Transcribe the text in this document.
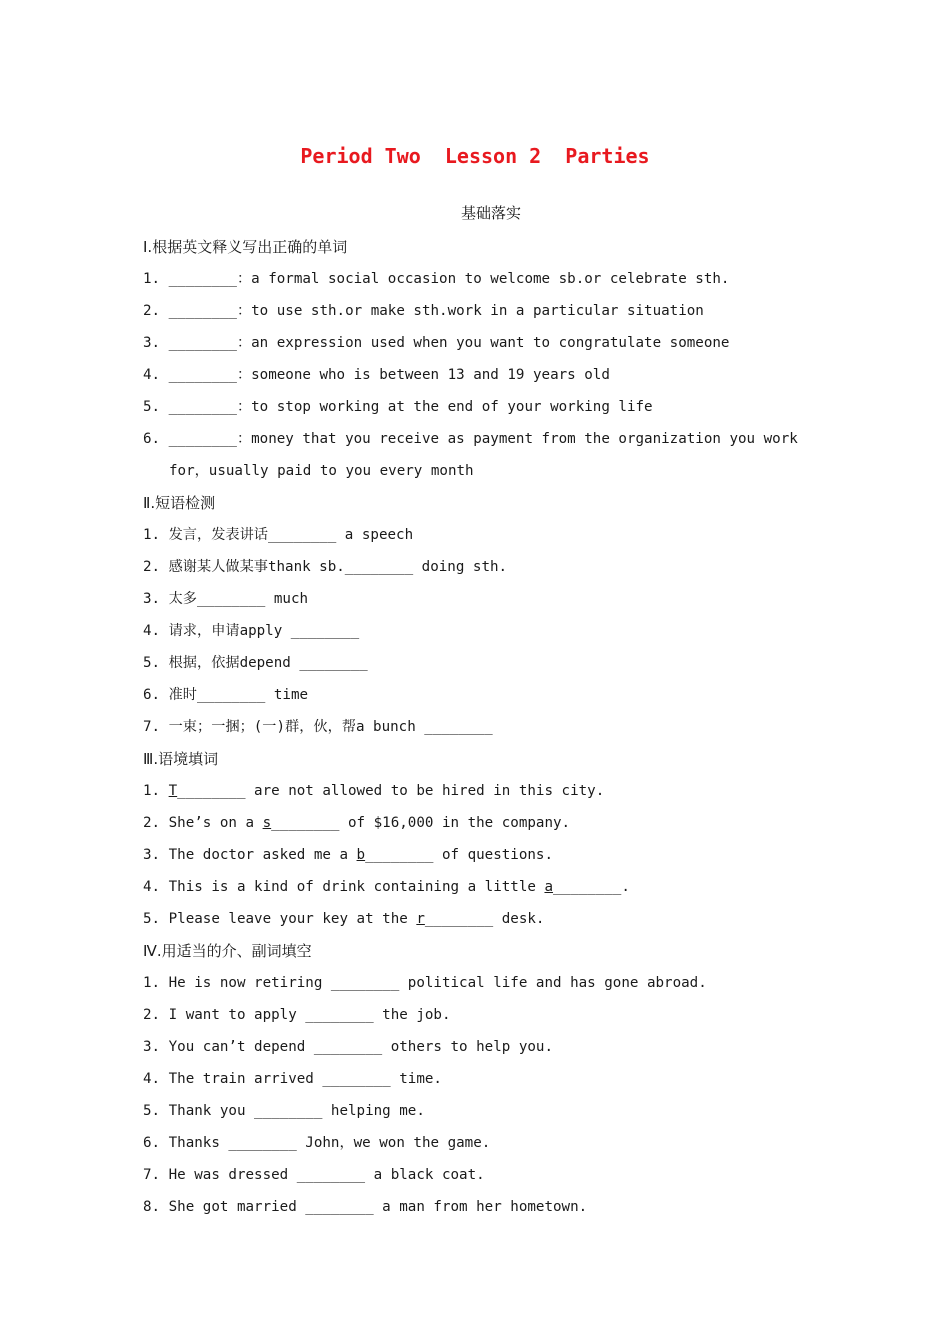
Period Two  Lesson 2  Parties
基础落实
Ⅰ.根据英文释义写出正确的单词
1. ________：a formal social occasion to welcome sb.or celebrate sth.
2. ________：to use sth.or make sth.work in a particular situation
3. ________：an expression used when you want to congratulate someone
4. ________：someone who is between 13 and 19 years old
5. ________：to stop working at the end of your working life
6. ________：money that you receive as payment from the organization you work
for，usually paid to you every month
Ⅱ.短语检测
1. 发言，发表讲话________ a speech
2. 感谢某人做某事thank sb.________ doing sth.
3. 太多________ much
4. 请求，申请apply ________
5. 根据，依据depend ________
6. 准时________ time
7. 一束；一捆；(一)群，伙，帮a bunch ________
Ⅲ.语境填词
1. T________ are not allowed to be hired in this city.
2. She’s on a s________ of $16,000 in the company.
3. The doctor asked me a b________ of questions.
4. This is a kind of drink containing a little a________.
5. Please leave your key at the r________ desk.
Ⅳ.用适当的介、副词填空
1. He is now retiring ________ political life and has gone abroad.
2. I want to apply ________ the job.
3. You can’t depend ________ others to help you.
4. The train arrived ________ time.
5. Thank you ________ helping me.
6. Thanks ________ John，we won the game.
7. He was dressed ________ a black coat.
8. She got married ________ a man from her hometown.
